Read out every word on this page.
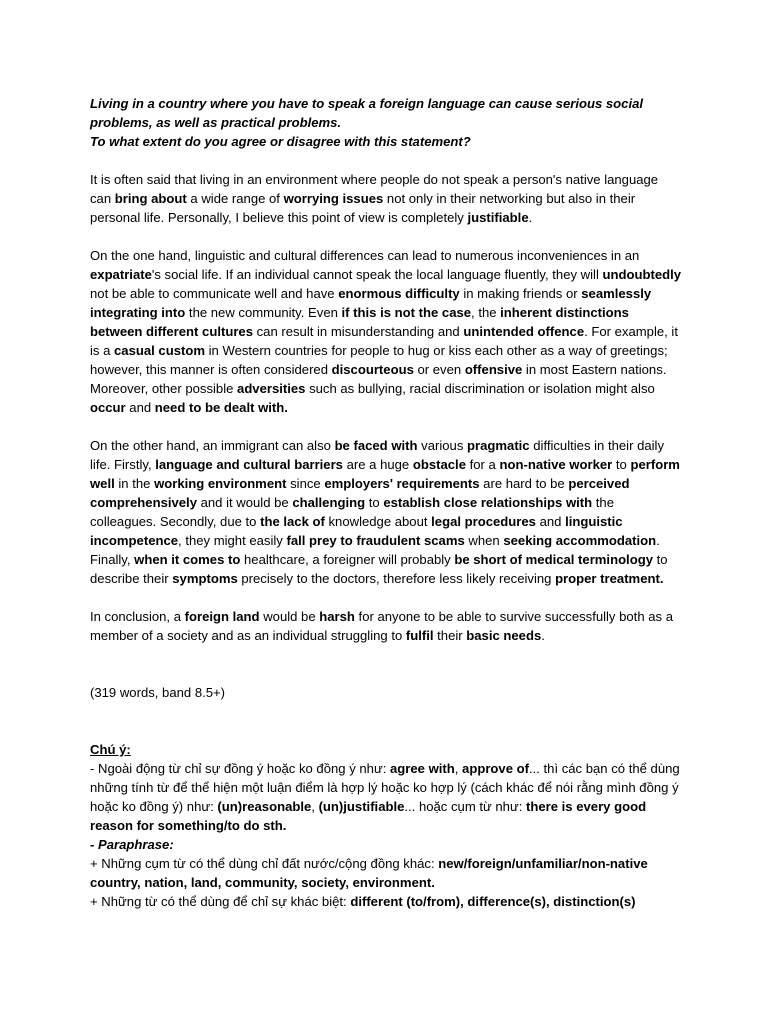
Living in a country where you have to speak a foreign language can cause serious social problems, as well as practical problems.
To what extent do you agree or disagree with this statement?

It is often said that living in an environment where people do not speak a person's native language can bring about a wide range of worrying issues not only in their networking but also in their personal life. Personally, I believe this point of view is completely justifiable.

On the one hand, linguistic and cultural differences can lead to numerous inconveniences in an expatriate's social life. If an individual cannot speak the local language fluently, they will undoubtedly not be able to communicate well and have enormous difficulty in making friends or seamlessly integrating into the new community. Even if this is not the case, the inherent distinctions between different cultures can result in misunderstanding and unintended offence. For example, it is a casual custom in Western countries for people to hug or kiss each other as a way of greetings; however, this manner is often considered discourteous or even offensive in most Eastern nations. Moreover, other possible adversities such as bullying, racial discrimination or isolation might also occur and need to be dealt with.

On the other hand, an immigrant can also be faced with various pragmatic difficulties in their daily life. Firstly, language and cultural barriers are a huge obstacle for a non-native worker to perform well in the working environment since employers' requirements are hard to be perceived comprehensively and it would be challenging to establish close relationships with the colleagues. Secondly, due to the lack of knowledge about legal procedures and linguistic incompetence, they might easily fall prey to fraudulent scams when seeking accommodation. Finally, when it comes to healthcare, a foreigner will probably be short of medical terminology to describe their symptoms precisely to the doctors, therefore less likely receiving proper treatment.

In conclusion, a foreign land would be harsh for anyone to be able to survive successfully both as a member of a society and as an individual struggling to fulfil their basic needs.

(319 words, band 8.5+)
Chú ý:
- Ngoài động từ chỉ sự đồng ý hoặc ko đồng ý như: agree with, approve of... thì các bạn có thể dùng những tính từ để thể hiện một luận điểm là hợp lý hoặc ko hợp lý (cách khác để nói rằng mình đồng ý hoặc ko đồng ý) như: (un)reasonable, (un)justifiable... hoặc cụm từ như: there is every good reason for something/to do sth.
- Paraphrase:
+ Những cụm từ có thể dùng chỉ đất nước/cộng đồng khác: new/foreign/unfamiliar/non-native country, nation, land, community, society, environment.
+ Những từ có thể dùng để chỉ sự khác biệt: different (to/from), difference(s), distinction(s)
